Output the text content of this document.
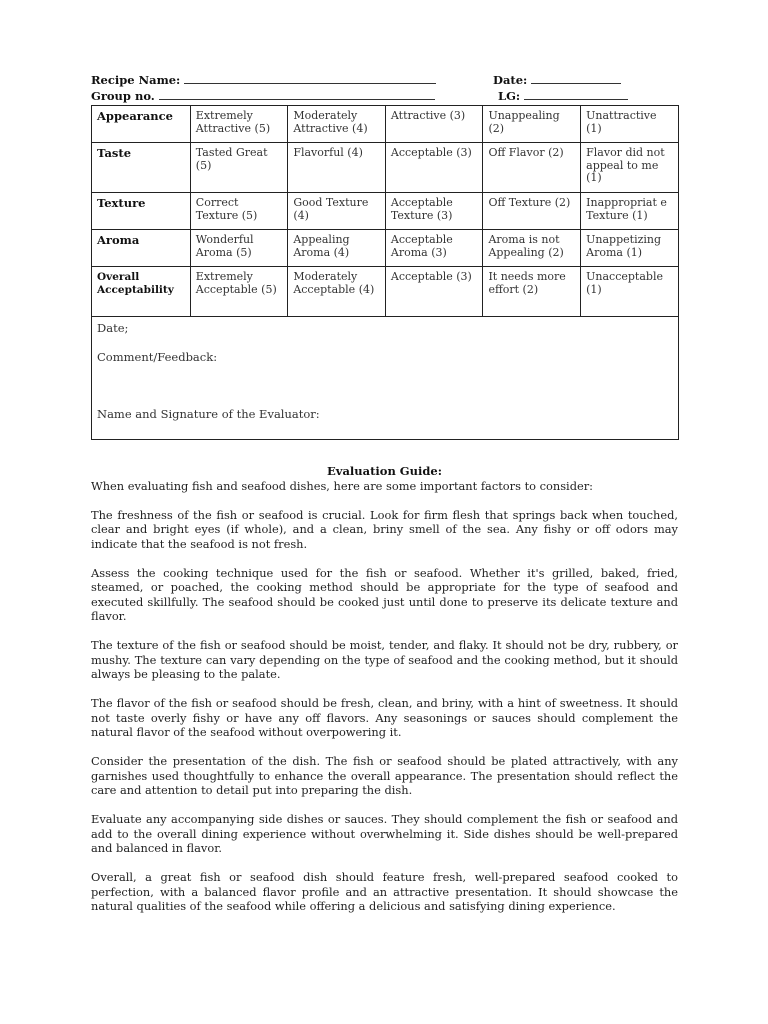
Recipe Name:	Date:
Group no.	LG:
Appearance	Extremely Attractive (5)	Moderately Attractive (4)	Attractive (3)	Unappealing (2)	Unattractive (1)
Taste	Tasted Great (5)	Flavorful (4)	Acceptable (3)	Off Flavor (2)	Flavor did not appeal to me (1)
Texture	Correct Texture (5)	Good Texture (4)	Acceptable Texture (3)	Off Texture (2)	Inappropriat e Texture (1)
Aroma	Wonderful Aroma (5)	Appealing Aroma (4)	Acceptable Aroma (3)	Aroma is not Appealing (2)	Unappetizing Aroma (1)
Overall Acceptability	Extremely Acceptable (5)	Moderately Acceptable (4)	Acceptable (3)	It needs more effort (2)	Unacceptable (1)

Date;
Comment/Feedback:
Name and Signature of the Evaluator:					
Evaluation Guide:

When evaluating fish and seafood dishes, here are some important factors to consider:

The freshness of the fish or seafood is crucial. Look for firm flesh that springs back when touched, clear and bright eyes (if whole), and a clean, briny smell of the sea. Any fishy or off odors may indicate that the seafood is not fresh.

Assess the cooking technique used for the fish or seafood. Whether it's grilled, baked, fried, steamed, or poached, the cooking method should be appropriate for the type of seafood and executed skillfully. The seafood should be cooked just until done to preserve its delicate texture and flavor.

The texture of the fish or seafood should be moist, tender, and flaky. It should not be dry, rubbery, or mushy. The texture can vary depending on the type of seafood and the cooking method, but it should always be pleasing to the palate.

The flavor of the fish or seafood should be fresh, clean, and briny, with a hint of sweetness. It should not taste overly fishy or have any off flavors. Any seasonings or sauces should complement the natural flavor of the seafood without overpowering it.

Consider the presentation of the dish. The fish or seafood should be plated attractively, with any garnishes used thoughtfully to enhance the overall appearance. The presentation should reflect the care and attention to detail put into preparing the dish.

Evaluate any accompanying side dishes or sauces. They should complement the fish or seafood and add to the overall dining experience without overwhelming it. Side dishes should be well-prepared and balanced in flavor.

Overall, a great fish or seafood dish should feature fresh, well-prepared seafood cooked to perfection, with a balanced flavor profile and an attractive presentation. It should showcase the natural qualities of the seafood while offering a delicious and satisfying dining experience.
